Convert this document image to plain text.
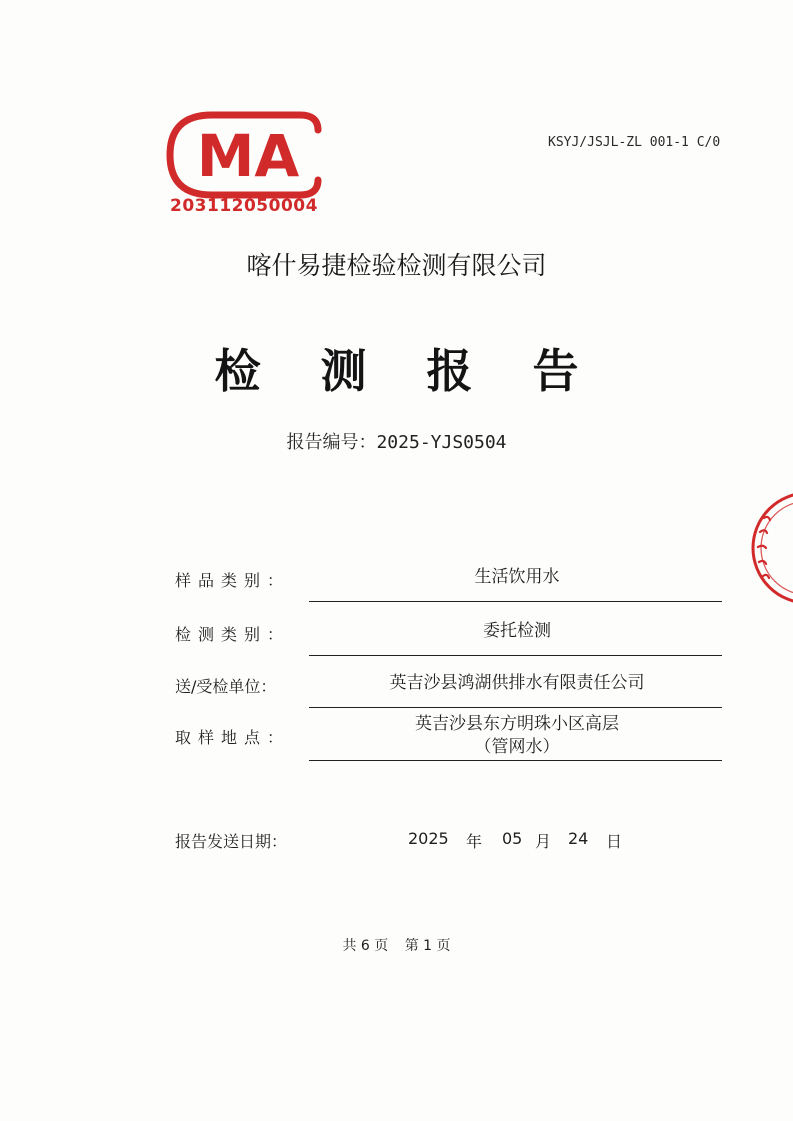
MA
203112050004
KSYJ/JSJL-ZL 001-1 C/0
喀什易捷检验检测有限公司
检 测 报 告
报告编号：2025-YJS0504
样品类别：	生活饮用水
检测类别：	委托检测
送/受检单位：	英吉沙县鸿湖供排水有限责任公司
取样地点：
英吉沙县东方明珠小区高层
（管网水）
报告发送日期：	2025 年 05 月 24 日
共 6 页 第 1 页
